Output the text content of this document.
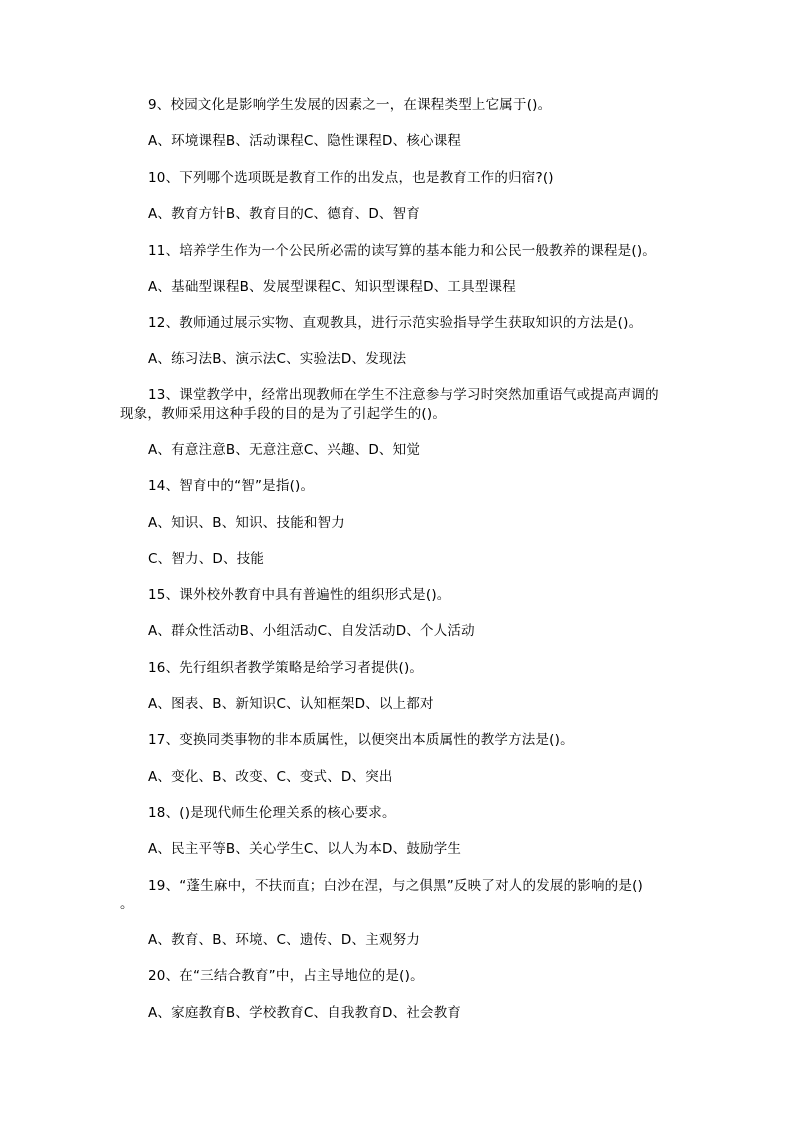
9、校园文化是影响学生发展的因素之一，在课程类型上它属于()。
A、环境课程B、活动课程C、隐性课程D、核心课程
10、下列哪个选项既是教育工作的出发点，也是教育工作的归宿?()
A、教育方针B、教育目的C、德育、D、智育
11、培养学生作为一个公民所必需的读写算的基本能力和公民一般教养的课程是()。
A、基础型课程B、发展型课程C、知识型课程D、工具型课程
12、教师通过展示实物、直观教具，进行示范实验指导学生获取知识的方法是()。
A、练习法B、演示法C、实验法D、发现法
13、课堂教学中，经常出现教师在学生不注意参与学习时突然加重语气或提高声调的
现象，教师采用这种手段的目的是为了引起学生的()。
A、有意注意B、无意注意C、兴趣、D、知觉
14、智育中的“智”是指()。
A、知识、B、知识、技能和智力
C、智力、D、技能
15、课外校外教育中具有普遍性的组织形式是()。
A、群众性活动B、小组活动C、自发活动D、个人活动
16、先行组织者教学策略是给学习者提供()。
A、图表、B、新知识C、认知框架D、以上都对
17、变换同类事物的非本质属性，以便突出本质属性的教学方法是()。
A、变化、B、改变、C、变式、D、突出
18、()是现代师生伦理关系的核心要求。
A、民主平等B、关心学生C、以人为本D、鼓励学生
19、“蓬生麻中，不扶而直；白沙在涅，与之俱黑”反映了对人的发展的影响的是()
。
A、教育、B、环境、C、遗传、D、主观努力
20、在“三结合教育”中，占主导地位的是()。
A、家庭教育B、学校教育C、自我教育D、社会教育
